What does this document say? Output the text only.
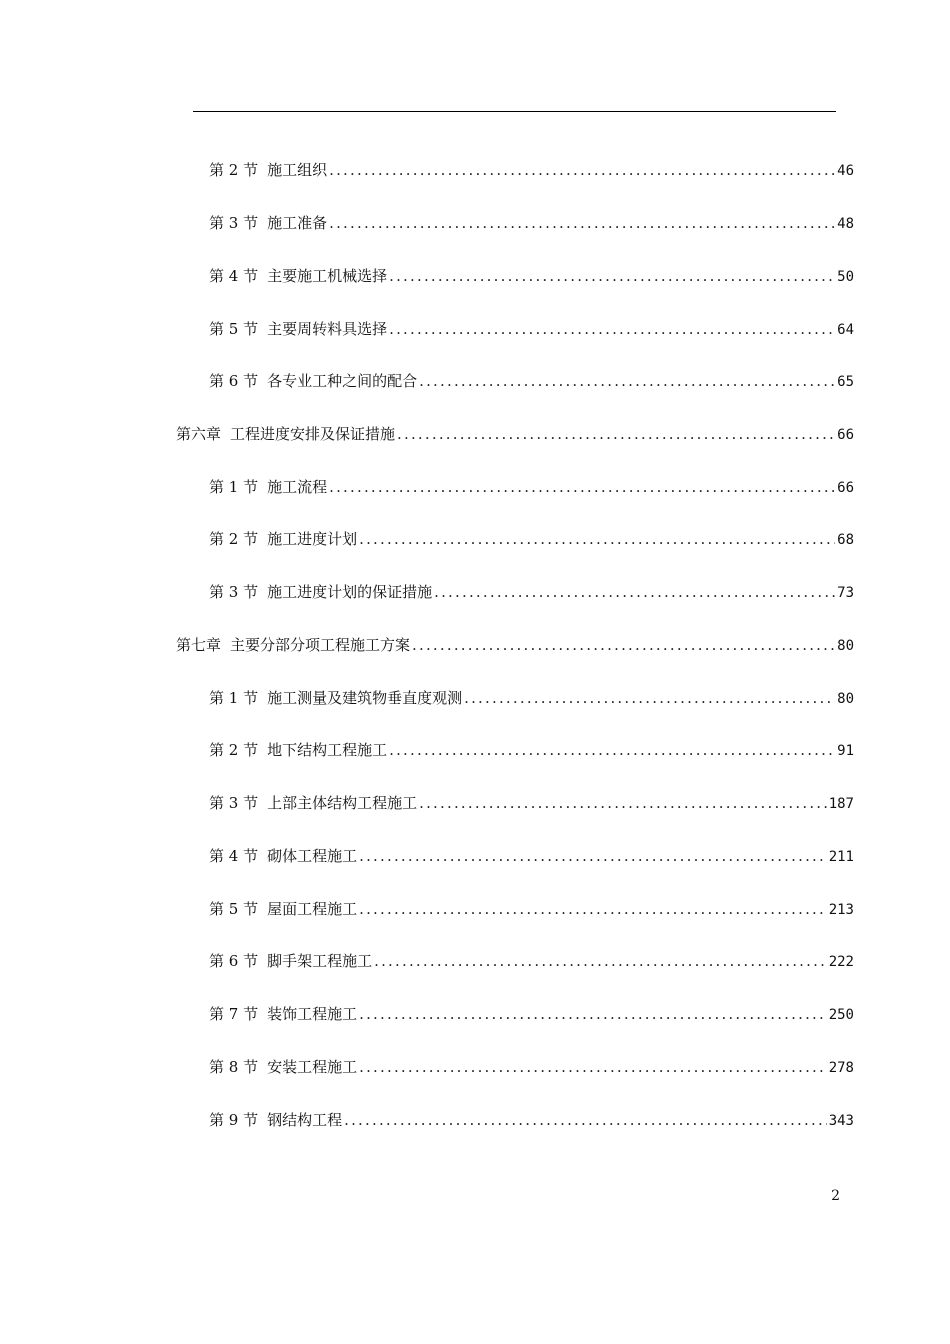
第 2 节 施工组织 .....	46
第 3 节 施工准备 .....	48
第 4 节 主要施工机械选择 .....	50
第 5 节 主要周转料具选择 .....	64
第 6 节 各专业工种之间的配合 .....	65
第六章 工程进度安排及保证措施 .....	66
第 1 节 施工流程 .....	66
第 2 节 施工进度计划 .....	68
第 3 节 施工进度计划的保证措施 .....	73
第七章 主要分部分项工程施工方案 .....	80
第 1 节 施工测量及建筑物垂直度观测 .....	80
第 2 节 地下结构工程施工 .....	91
第 3 节 上部主体结构工程施工 .....	187
第 4 节 砌体工程施工 .....	211
第 5 节 屋面工程施工 .....	213
第 6 节 脚手架工程施工 .....	222
第 7 节 装饰工程施工 .....	250
第 8 节 安装工程施工 .....	278
第 9 节 钢结构工程 .....	343
2
